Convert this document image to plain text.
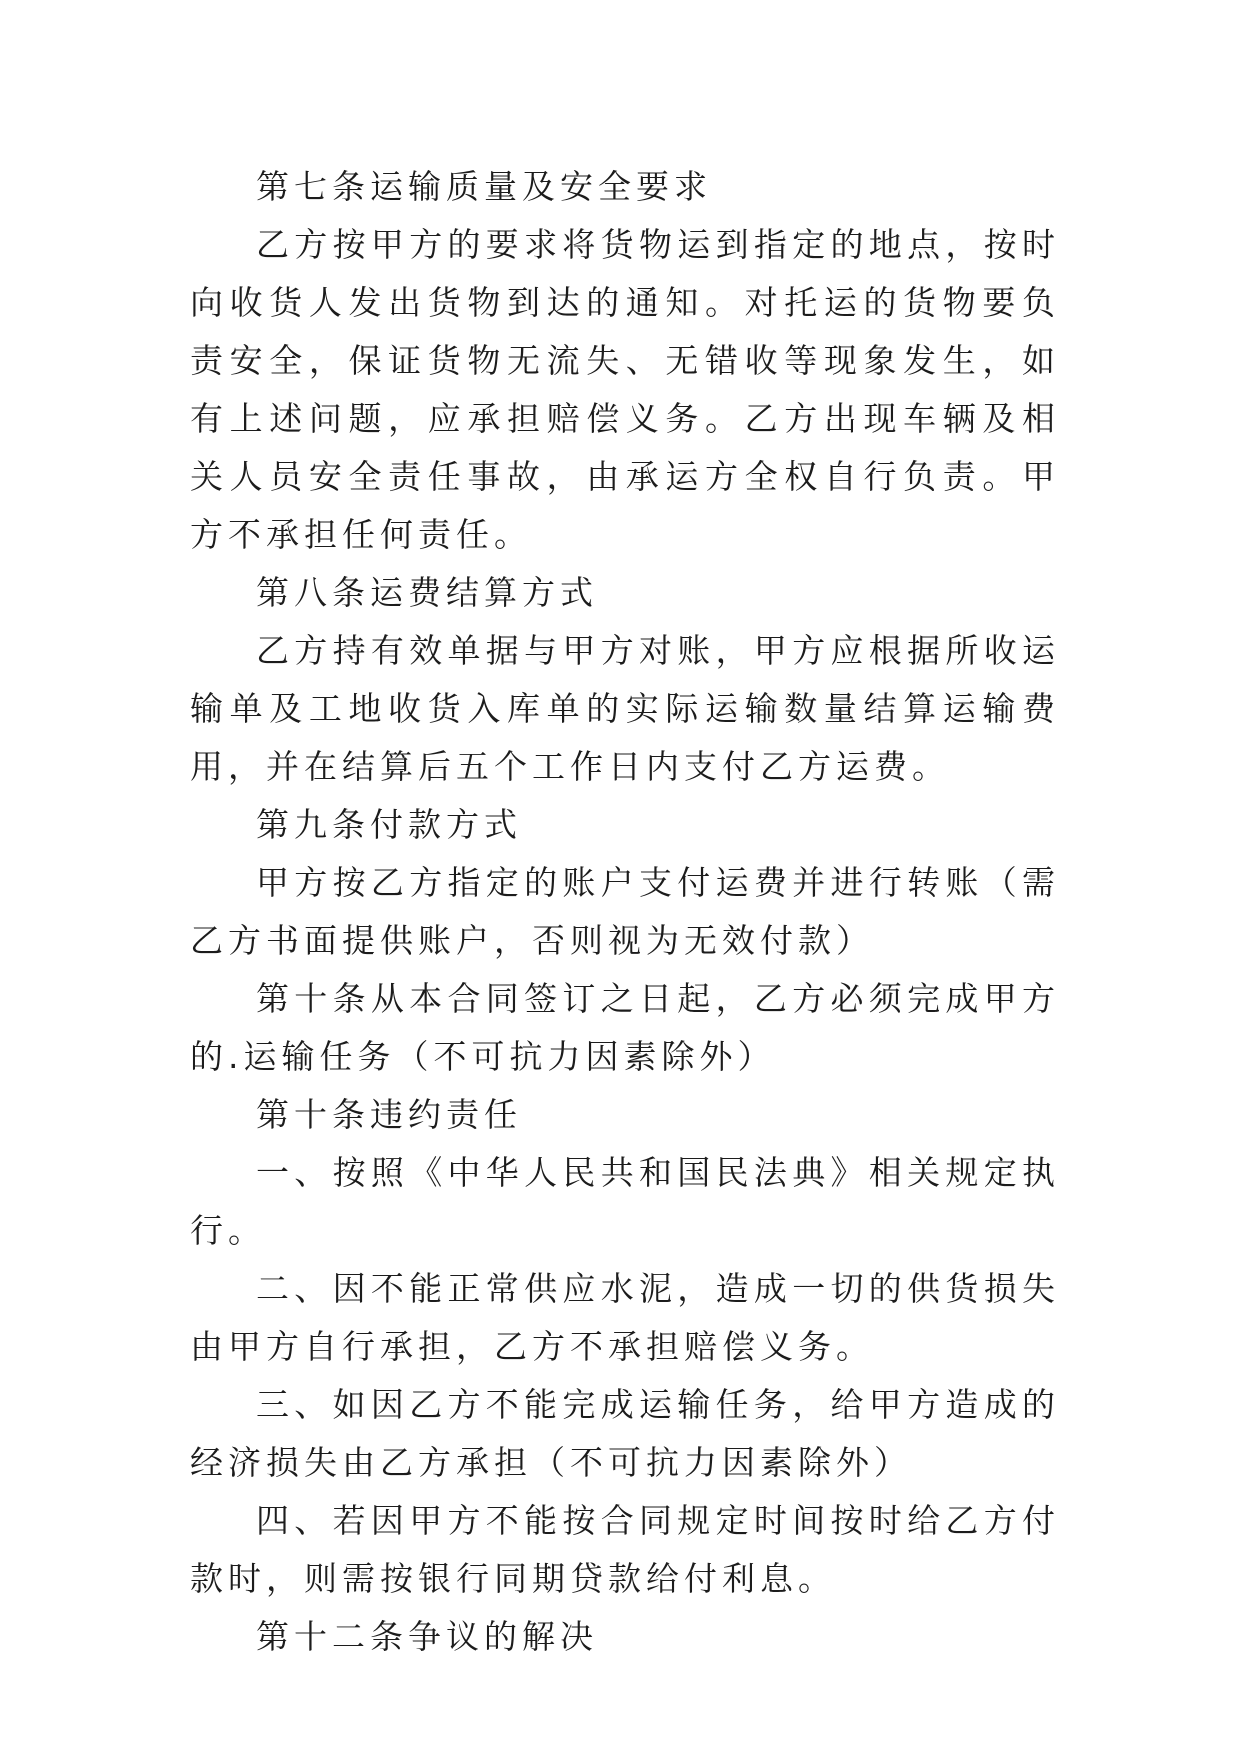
第七条运输质量及安全要求

乙方按甲方的要求将货物运到指定的地点，按时向收货人发出货物到达的通知。对托运的货物要负责安全，保证货物无流失、无错收等现象发生，如有上述问题，应承担赔偿义务。乙方出现车辆及相关人员安全责任事故，由承运方全权自行负责。甲方不承担任何责任。

第八条运费结算方式

乙方持有效单据与甲方对账，甲方应根据所收运输单及工地收货入库单的实际运输数量结算运输费用，并在结算后五个工作日内支付乙方运费。

第九条付款方式

甲方按乙方指定的账户支付运费并进行转账（需乙方书面提供账户，否则视为无效付款）

第十条从本合同签订之日起，乙方必须完成甲方的.运输任务（不可抗力因素除外）

第十条违约责任

一、按照《中华人民共和国民法典》相关规定执行。

二、因不能正常供应水泥，造成一切的供货损失由甲方自行承担，乙方不承担赔偿义务。

三、如因乙方不能完成运输任务，给甲方造成的经济损失由乙方承担（不可抗力因素除外）

四、若因甲方不能按合同规定时间按时给乙方付款时，则需按银行同期贷款给付利息。

第十二条争议的解决
